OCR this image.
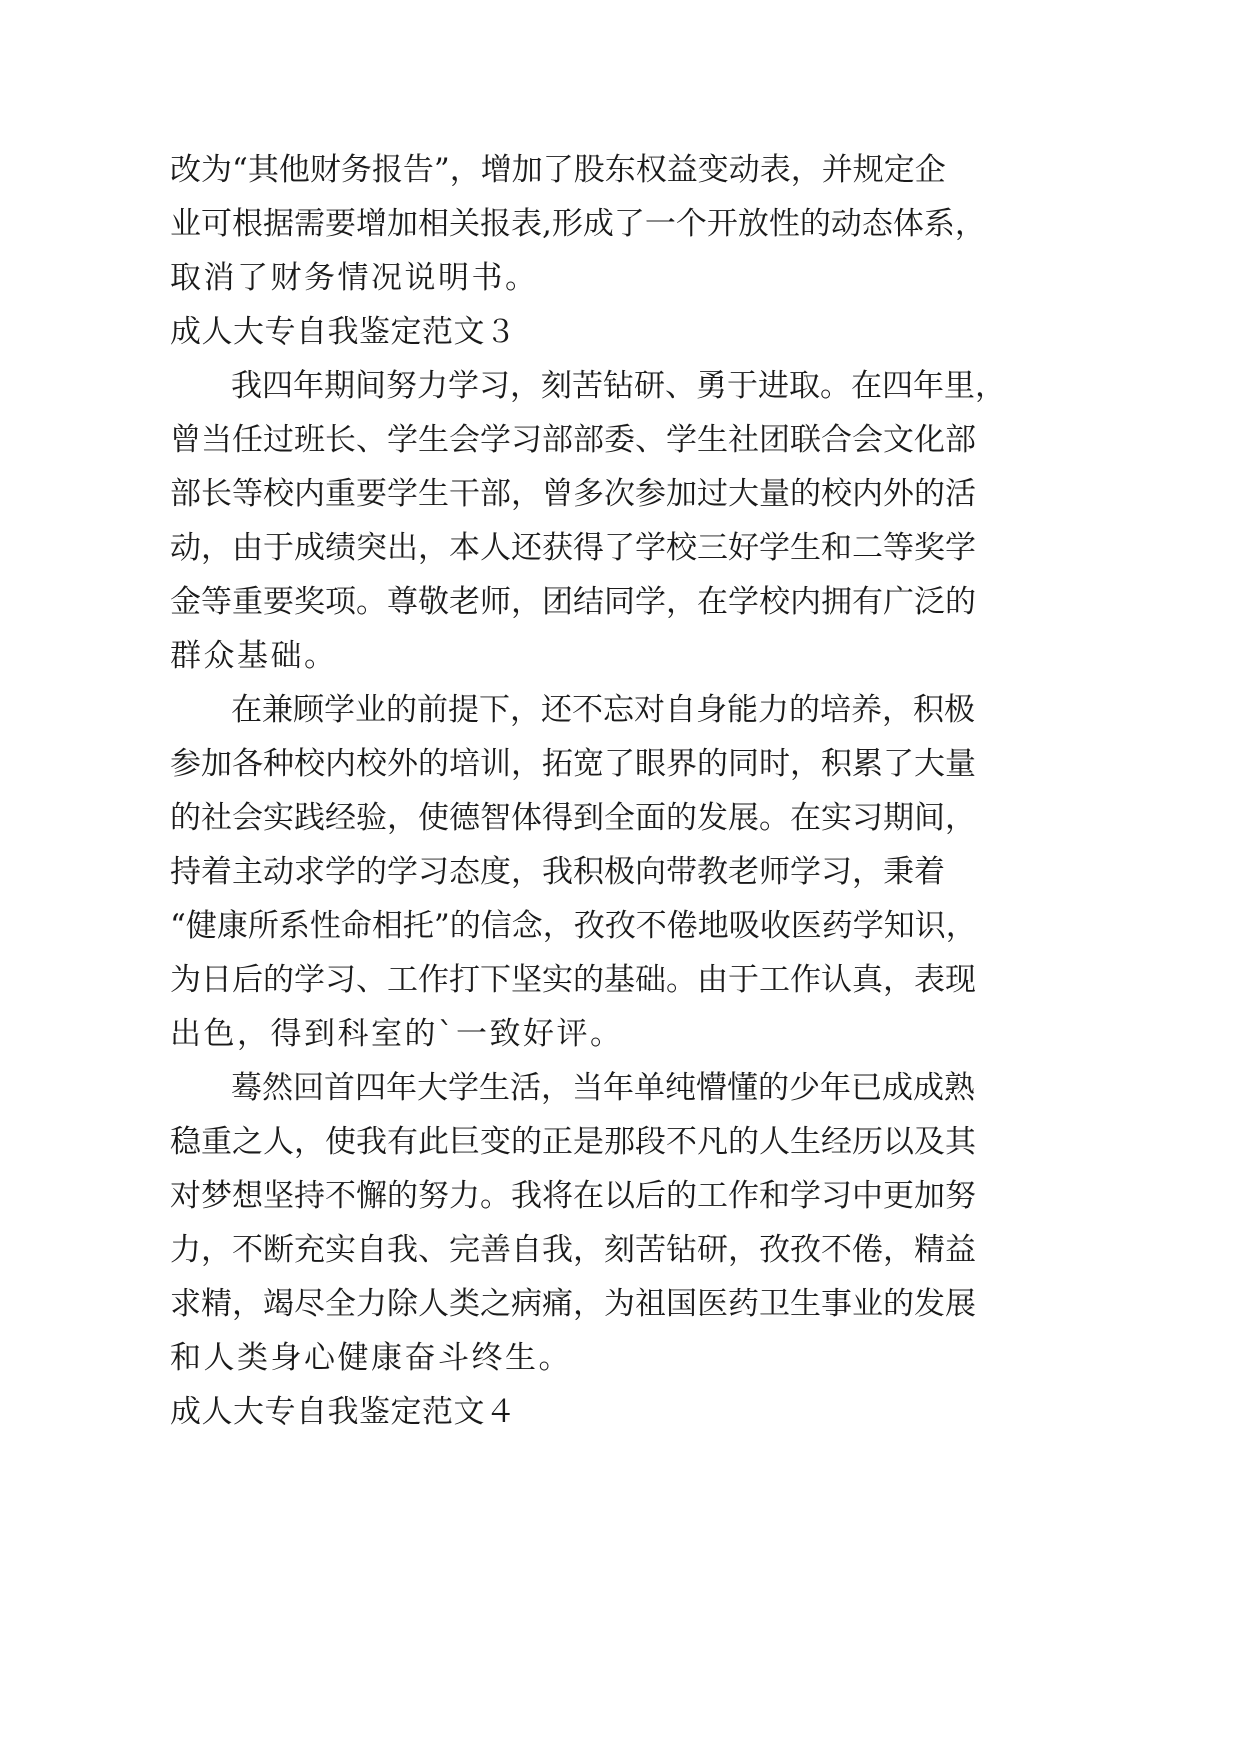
改为“其他财务报告”，增加了股东权益变动表，并规定企
业可根据需要增加相关报表,形成了一个开放性的动态体系，
取消了财务情况说明书。
成人大专自我鉴定范文３
我四年期间努力学习，刻苦钻研、勇于进取。在四年里，
曾当任过班长、学生会学习部部委、学生社团联合会文化部
部长等校内重要学生干部，曾多次参加过大量的校内外的活
动，由于成绩突出，本人还获得了学校三好学生和二等奖学
金等重要奖项。尊敬老师，团结同学，在学校内拥有广泛的
群众基础。
在兼顾学业的前提下，还不忘对自身能力的培养，积极
参加各种校内校外的培训，拓宽了眼界的同时，积累了大量
的社会实践经验，使德智体得到全面的发展。在实习期间，
持着主动求学的学习态度，我积极向带教老师学习，秉着
“健康所系性命相托”的信念，孜孜不倦地吸收医药学知识，
为日后的学习、工作打下坚实的基础。由于工作认真，表现
出色，得到科室的`一致好评。
蓦然回首四年大学生活，当年单纯懵懂的少年已成成熟
稳重之人，使我有此巨变的正是那段不凡的人生经历以及其
对梦想坚持不懈的努力。我将在以后的工作和学习中更加努
力，不断充实自我、完善自我，刻苦钻研，孜孜不倦，精益
求精，竭尽全力除人类之病痛，为祖国医药卫生事业的发展
和人类身心健康奋斗终生。
成人大专自我鉴定范文４
